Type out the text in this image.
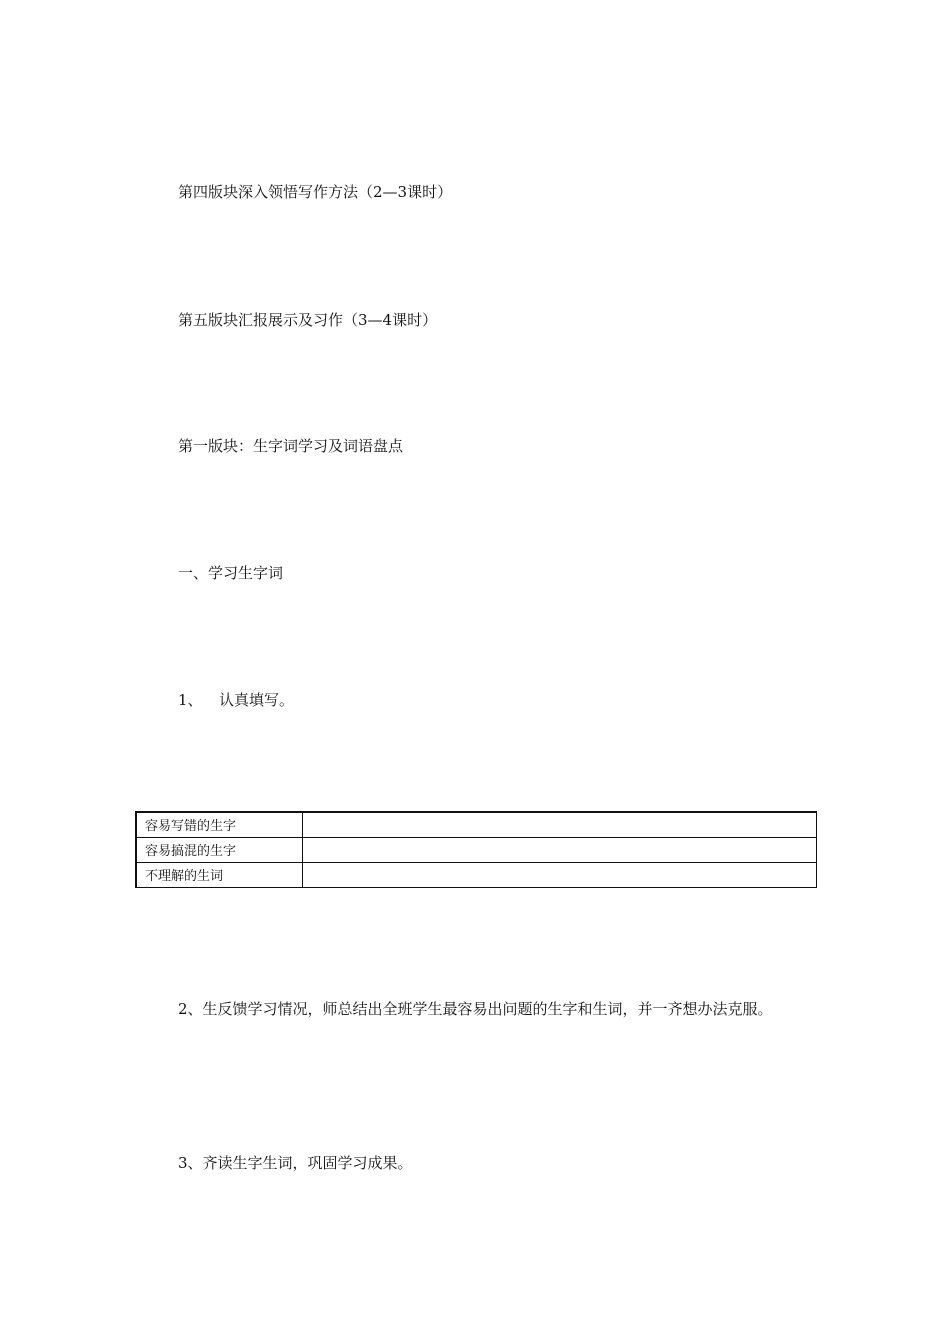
第四版块深入领悟写作方法（2—3课时）

第五版块汇报展示及习作（3—4课时）

第一版块：生字词学习及词语盘点

一、学习生字词

1、 认真填写。
容易写错的生字	
容易搞混的生字	
不理解的生词	

2、生反馈学习情况，师总结出全班学生最容易出问题的生字和生词，并一齐想办法克服。

3、齐读生字生词，巩固学习成果。
